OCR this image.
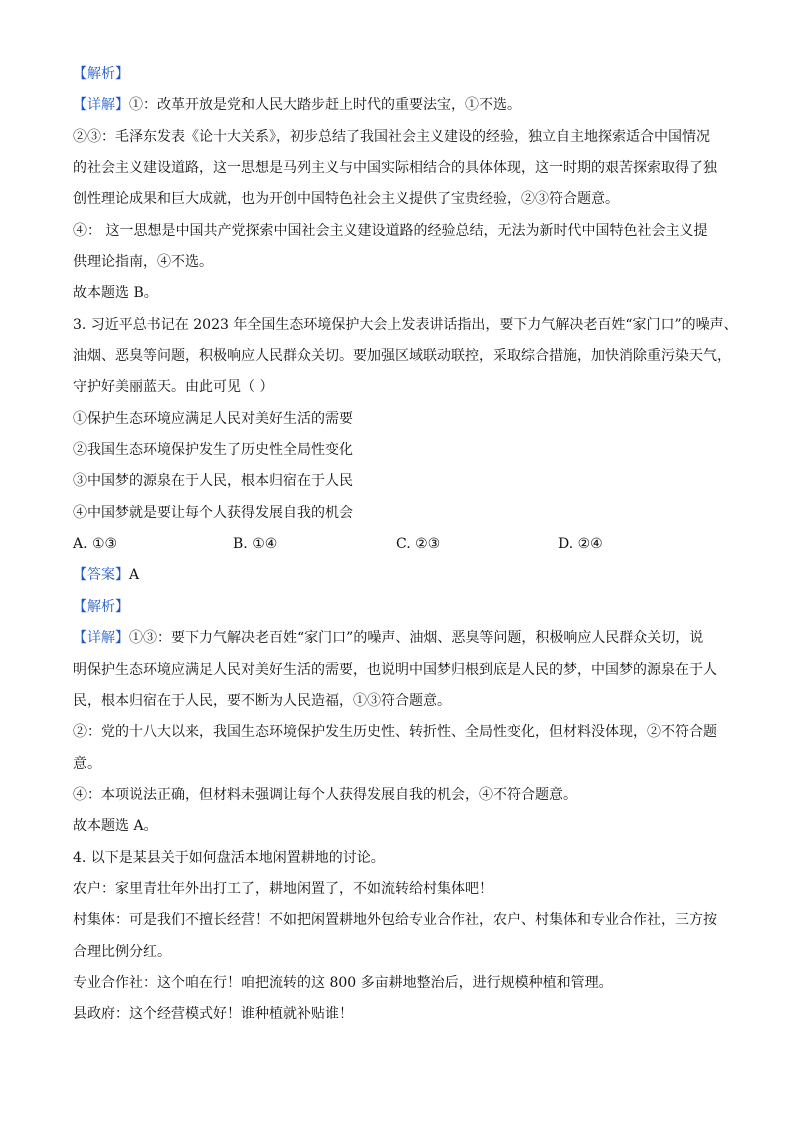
【解析】
【详解】①：改革开放是党和人民大踏步赶上时代的重要法宝，①不选。
②③：毛泽东发表《论十大关系》，初步总结了我国社会主义建设的经验，独立自主地探索适合中国情况
的社会主义建设道路，这一思想是马列主义与中国实际相结合的具体体现，这一时期的艰苦探索取得了独
创性理论成果和巨大成就，也为开创中国特色社会主义提供了宝贵经验，②③符合题意。
④： 这一思想是中国共产党探索中国社会主义建设道路的经验总结，无法为新时代中国特色社会主义提
供理论指南，④不选。
故本题选 B。
3. 习近平总书记在 2023 年全国生态环境保护大会上发表讲话指出，要下力气解决老百姓“家门口”的噪声、
油烟、恶臭等问题，积极响应人民群众关切。要加强区域联动联控，采取综合措施，加快消除重污染天气，
守护好美丽蓝天。由此可见（ ）
①保护生态环境应满足人民对美好生活的需要
②我国生态环境保护发生了历史性全局性变化
③中国梦的源泉在于人民，根本归宿在于人民
④中国梦就是要让每个人获得发展自我的机会
A. ①③	B. ①④	C. ②③	D. ②④
【答案】A
【解析】
【详解】①③：要下力气解决老百姓“家门口”的噪声、油烟、恶臭等问题，积极响应人民群众关切，说
明保护生态环境应满足人民对美好生活的需要，也说明中国梦归根到底是人民的梦，中国梦的源泉在于人
民，根本归宿在于人民，要不断为人民造福，①③符合题意。
②：党的十八大以来，我国生态环境保护发生历史性、转折性、全局性变化，但材料没体现，②不符合题
意。
④：本项说法正确，但材料未强调让每个人获得发展自我的机会，④不符合题意。
故本题选 A。
4. 以下是某县关于如何盘活本地闲置耕地的讨论。
农户：家里青壮年外出打工了，耕地闲置了，不如流转给村集体吧！
村集体：可是我们不擅长经营！不如把闲置耕地外包给专业合作社，农户、村集体和专业合作社，三方按
合理比例分红。
专业合作社：这个咱在行！咱把流转的这 800 多亩耕地整治后，进行规模种植和管理。
县政府：这个经营模式好！谁种植就补贴谁！
